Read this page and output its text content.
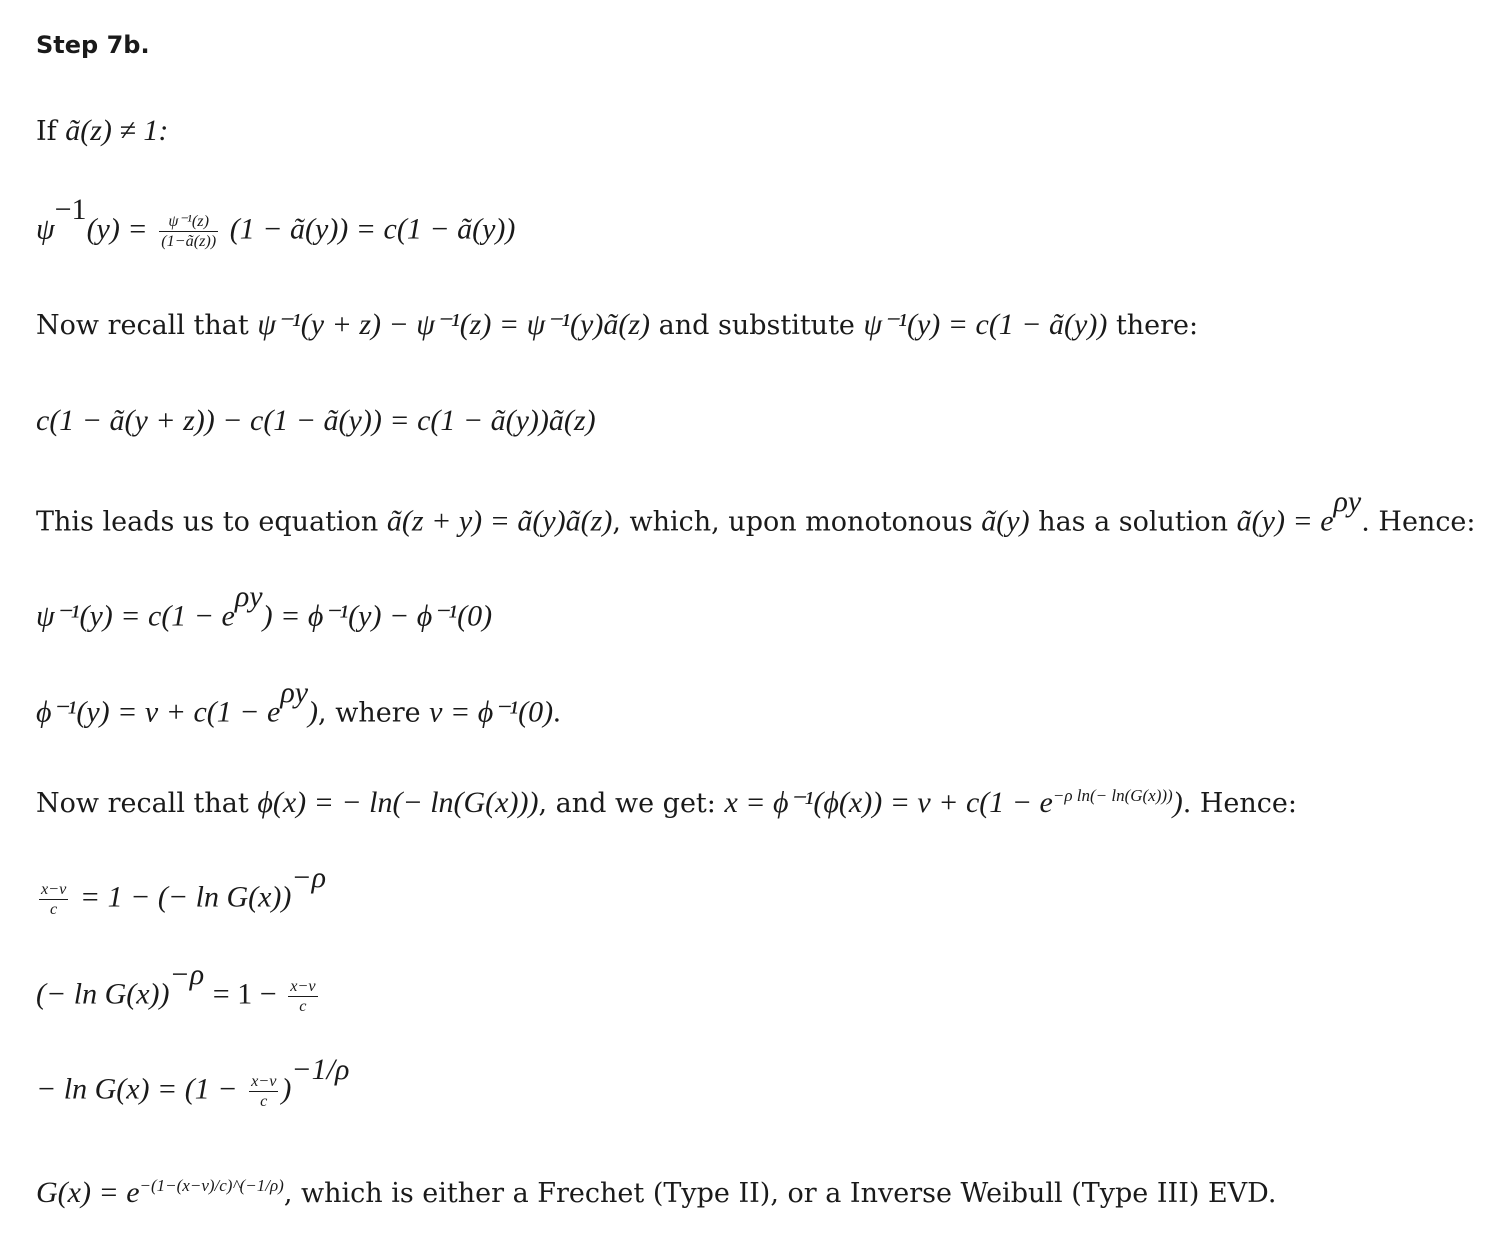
Step 7b.
If ã(z) ≠ 1:
$\psi^{-1}(y) = \frac{\text{ψ⁻¹(z)}}{(1-ã(z))} (1$ − ã(y)) = c(1 − ã(y))
Now recall that ψ⁻¹(y + z) − ψ⁻¹(z) = ψ⁻¹(y)ã(z) and substitute ψ⁻¹(y) = c(1 − ã(y)) there:
c(1 − ã(y + z)) − c(1 − ã(y)) = c(1 − ã(y))ã(z)
This leads us to equation ã(z + y) = ã(y)ã(z), which, upon monotonous ã(y) has a solution ã(y) = $e^{\rho y}$. Hence:
$\psi^{-1}(y) = c(1 - e^{\rho y}) = \phi^{-1}(y) - \phi^{-1}(0)$
$\phi^{-1}(y) = \nu + c(1 - e^{\rho y})$, where ν = ϕ⁻¹(0).
Now recall that ϕ(x) = − ln(− ln(G(x))), and we get: $x = \phi^{-1}(\phi(x)) = \nu + c(1 - e^{-\rho ln(- ln(G(x)))})$. Hence:
$\frac{x-\nu}{c} = 1$ − (− ln G(x))$^{-\rho}$
(− $\ln G(x))^{-\rho} = 1 - \frac{x-\nu}{c}$
− $\ln G(x) = (1 - \frac{x-\nu}{c} )^{-1/\rho}$
$G(x) = e^{-(1-(x-\nu)/c)\^{}(-1/\rho)}$, which is either a Frechet (Type II), or a Inverse Weibull (Type III) EVD.
